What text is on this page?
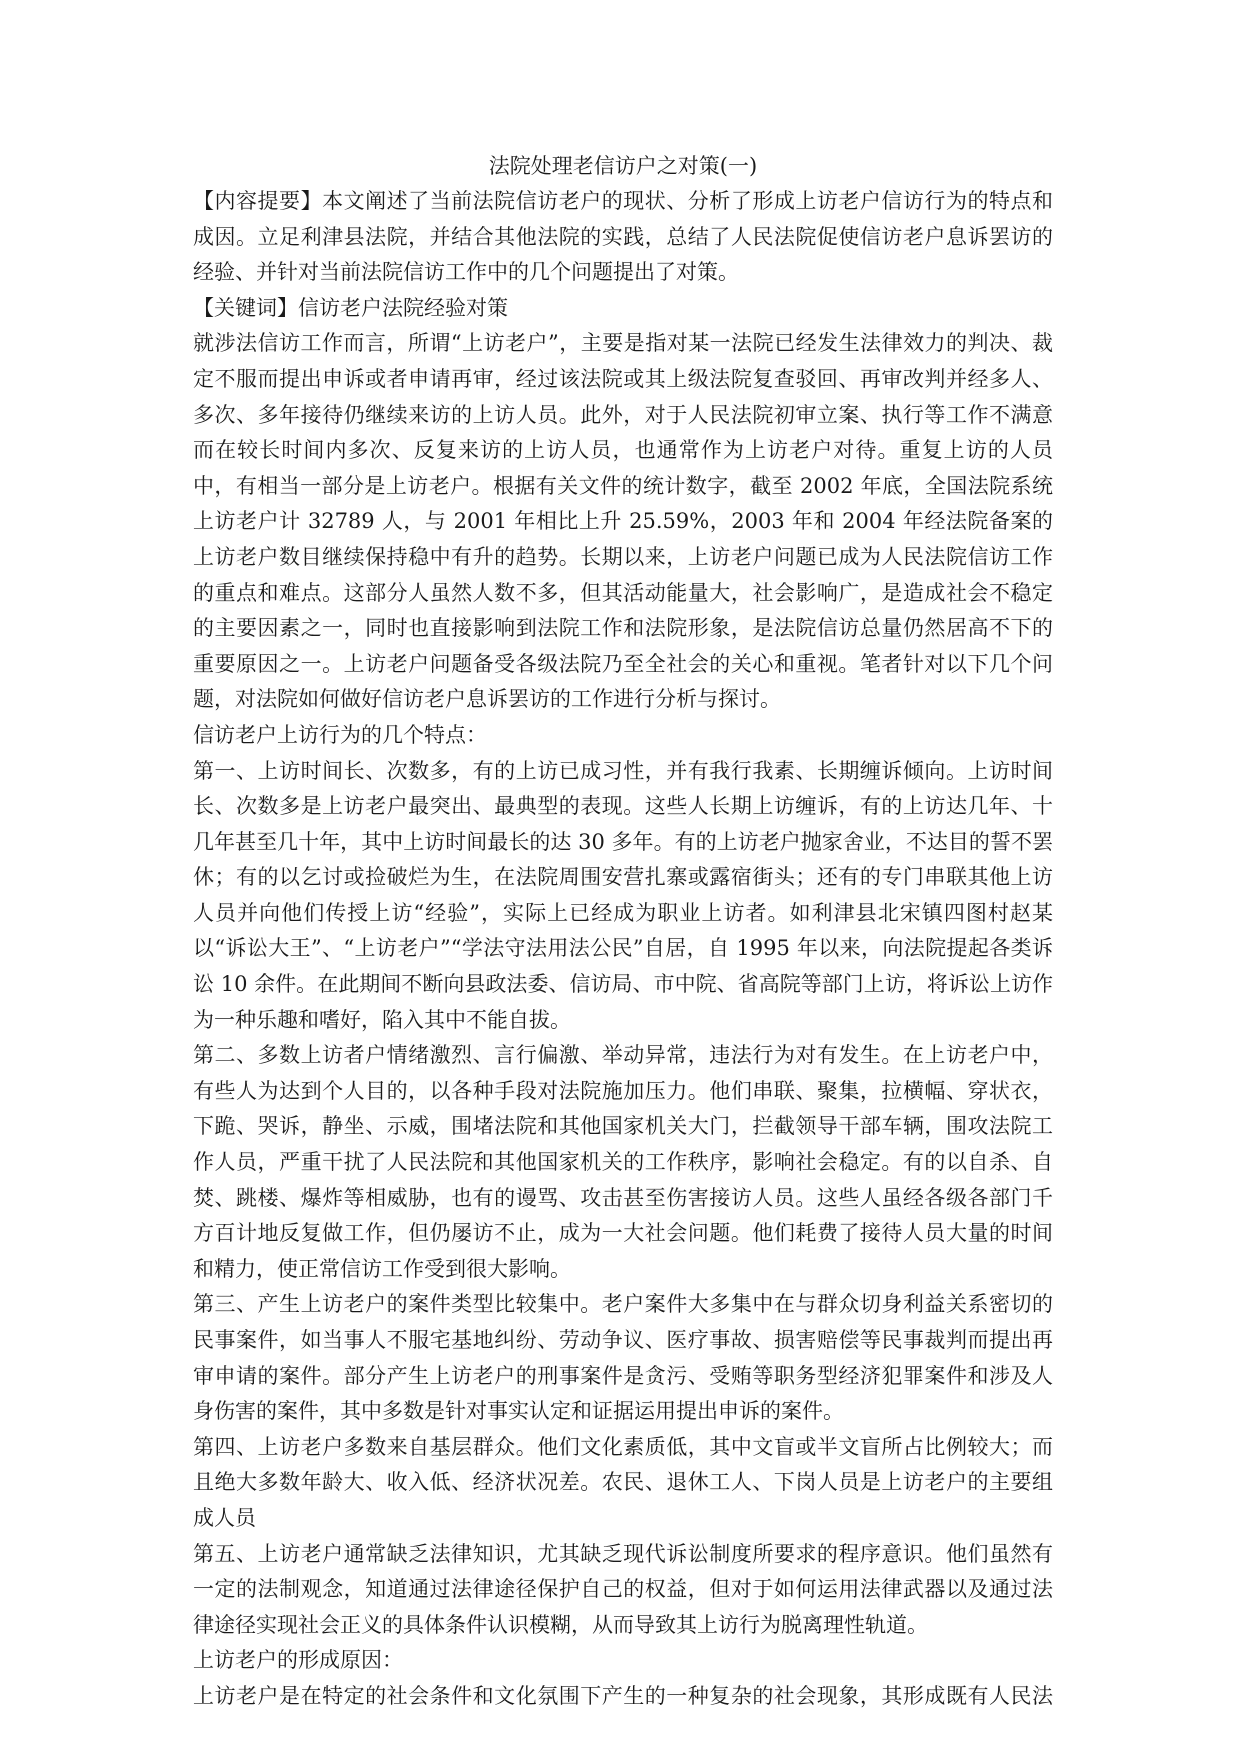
法院处理老信访户之对策(一)

【内容提要】本文阐述了当前法院信访老户的现状、分析了形成上访老户信访行为的特点和成因。立足利津县法院，并结合其他法院的实践，总结了人民法院促使信访老户息诉罢访的经验、并针对当前法院信访工作中的几个问题提出了对策。

【关键词】信访老户法院经验对策

就涉法信访工作而言，所谓“上访老户”，主要是指对某一法院已经发生法律效力的判决、裁定不服而提出申诉或者申请再审，经过该法院或其上级法院复查驳回、再审改判并经多人、多次、多年接待仍继续来访的上访人员。此外，对于人民法院初审立案、执行等工作不满意而在较长时间内多次、反复来访的上访人员，也通常作为上访老户对待。重复上访的人员中，有相当一部分是上访老户。根据有关文件的统计数字，截至 2002 年底，全国法院系统上访老户计 32789 人，与 2001 年相比上升 25.59%，2003 年和 2004 年经法院备案的上访老户数目继续保持稳中有升的趋势。长期以来，上访老户问题已成为人民法院信访工作的重点和难点。这部分人虽然人数不多，但其活动能量大，社会影响广，是造成社会不稳定的主要因素之一，同时也直接影响到法院工作和法院形象，是法院信访总量仍然居高不下的重要原因之一。上访老户问题备受各级法院乃至全社会的关心和重视。笔者针对以下几个问题，对法院如何做好信访老户息诉罢访的工作进行分析与探讨。

信访老户上访行为的几个特点：

第一、上访时间长、次数多，有的上访已成习性，并有我行我素、长期缠诉倾向。上访时间长、次数多是上访老户最突出、最典型的表现。这些人长期上访缠诉，有的上访达几年、十几年甚至几十年，其中上访时间最长的达 30 多年。有的上访老户抛家舍业，不达目的誓不罢休；有的以乞讨或捡破烂为生，在法院周围安营扎寨或露宿街头；还有的专门串联其他上访人员并向他们传授上访“经验”，实际上已经成为职业上访者。如利津县北宋镇四图村赵某以“诉讼大王”、“上访老户”“学法守法用法公民”自居，自 1995 年以来，向法院提起各类诉讼 10 余件。在此期间不断向县政法委、信访局、市中院、省高院等部门上访，将诉讼上访作为一种乐趣和嗜好，陷入其中不能自拔。

第二、多数上访者户情绪激烈、言行偏激、举动异常，违法行为对有发生。在上访老户中，有些人为达到个人目的，以各种手段对法院施加压力。他们串联、聚集，拉横幅、穿状衣，下跪、哭诉，静坐、示威，围堵法院和其他国家机关大门，拦截领导干部车辆，围攻法院工作人员，严重干扰了人民法院和其他国家机关的工作秩序，影响社会稳定。有的以自杀、自焚、跳楼、爆炸等相威胁，也有的谩骂、攻击甚至伤害接访人员。这些人虽经各级各部门千方百计地反复做工作，但仍屡访不止，成为一大社会问题。他们耗费了接待人员大量的时间和精力，使正常信访工作受到很大影响。

第三、产生上访老户的案件类型比较集中。老户案件大多集中在与群众切身利益关系密切的民事案件，如当事人不服宅基地纠纷、劳动争议、医疗事故、损害赔偿等民事裁判而提出再审申请的案件。部分产生上访老户的刑事案件是贪污、受贿等职务型经济犯罪案件和涉及人身伤害的案件，其中多数是针对事实认定和证据运用提出申诉的案件。

第四、上访老户多数来自基层群众。他们文化素质低，其中文盲或半文盲所占比例较大；而且绝大多数年龄大、收入低、经济状况差。农民、退休工人、下岗人员是上访老户的主要组成人员

第五、上访老户通常缺乏法律知识，尤其缺乏现代诉讼制度所要求的程序意识。他们虽然有一定的法制观念，知道通过法律途径保护自己的权益，但对于如何运用法律武器以及通过法律途径实现社会正义的具体条件认识模糊，从而导致其上访行为脱离理性轨道。

上访老户的形成原因：

上访老户是在特定的社会条件和文化氛围下产生的一种复杂的社会现象，其形成既有人民法
